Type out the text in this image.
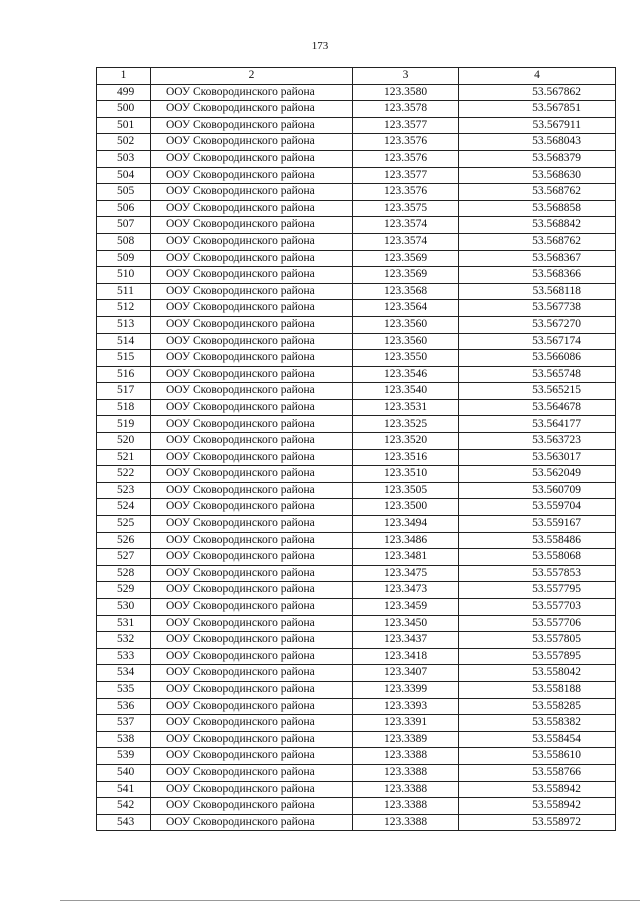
173
1	2	3	4
499	ООУ Сковородинского района	123.3580	53.567862
500	ООУ Сковородинского района	123.3578	53.567851
501	ООУ Сковородинского района	123.3577	53.567911
502	ООУ Сковородинского района	123.3576	53.568043
503	ООУ Сковородинского района	123.3576	53.568379
504	ООУ Сковородинского района	123.3577	53.568630
505	ООУ Сковородинского района	123.3576	53.568762
506	ООУ Сковородинского района	123.3575	53.568858
507	ООУ Сковородинского района	123.3574	53.568842
508	ООУ Сковородинского района	123.3574	53.568762
509	ООУ Сковородинского района	123.3569	53.568367
510	ООУ Сковородинского района	123.3569	53.568366
511	ООУ Сковородинского района	123.3568	53.568118
512	ООУ Сковородинского района	123.3564	53.567738
513	ООУ Сковородинского района	123.3560	53.567270
514	ООУ Сковородинского района	123.3560	53.567174
515	ООУ Сковородинского района	123.3550	53.566086
516	ООУ Сковородинского района	123.3546	53.565748
517	ООУ Сковородинского района	123.3540	53.565215
518	ООУ Сковородинского района	123.3531	53.564678
519	ООУ Сковородинского района	123.3525	53.564177
520	ООУ Сковородинского района	123.3520	53.563723
521	ООУ Сковородинского района	123.3516	53.563017
522	ООУ Сковородинского района	123.3510	53.562049
523	ООУ Сковородинского района	123.3505	53.560709
524	ООУ Сковородинского района	123.3500	53.559704
525	ООУ Сковородинского района	123.3494	53.559167
526	ООУ Сковородинского района	123.3486	53.558486
527	ООУ Сковородинского района	123.3481	53.558068
528	ООУ Сковородинского района	123.3475	53.557853
529	ООУ Сковородинского района	123.3473	53.557795
530	ООУ Сковородинского района	123.3459	53.557703
531	ООУ Сковородинского района	123.3450	53.557706
532	ООУ Сковородинского района	123.3437	53.557805
533	ООУ Сковородинского района	123.3418	53.557895
534	ООУ Сковородинского района	123.3407	53.558042
535	ООУ Сковородинского района	123.3399	53.558188
536	ООУ Сковородинского района	123.3393	53.558285
537	ООУ Сковородинского района	123.3391	53.558382
538	ООУ Сковородинского района	123.3389	53.558454
539	ООУ Сковородинского района	123.3388	53.558610
540	ООУ Сковородинского района	123.3388	53.558766
541	ООУ Сковородинского района	123.3388	53.558942
542	ООУ Сковородинского района	123.3388	53.558942
543	ООУ Сковородинского района	123.3388	53.558972
